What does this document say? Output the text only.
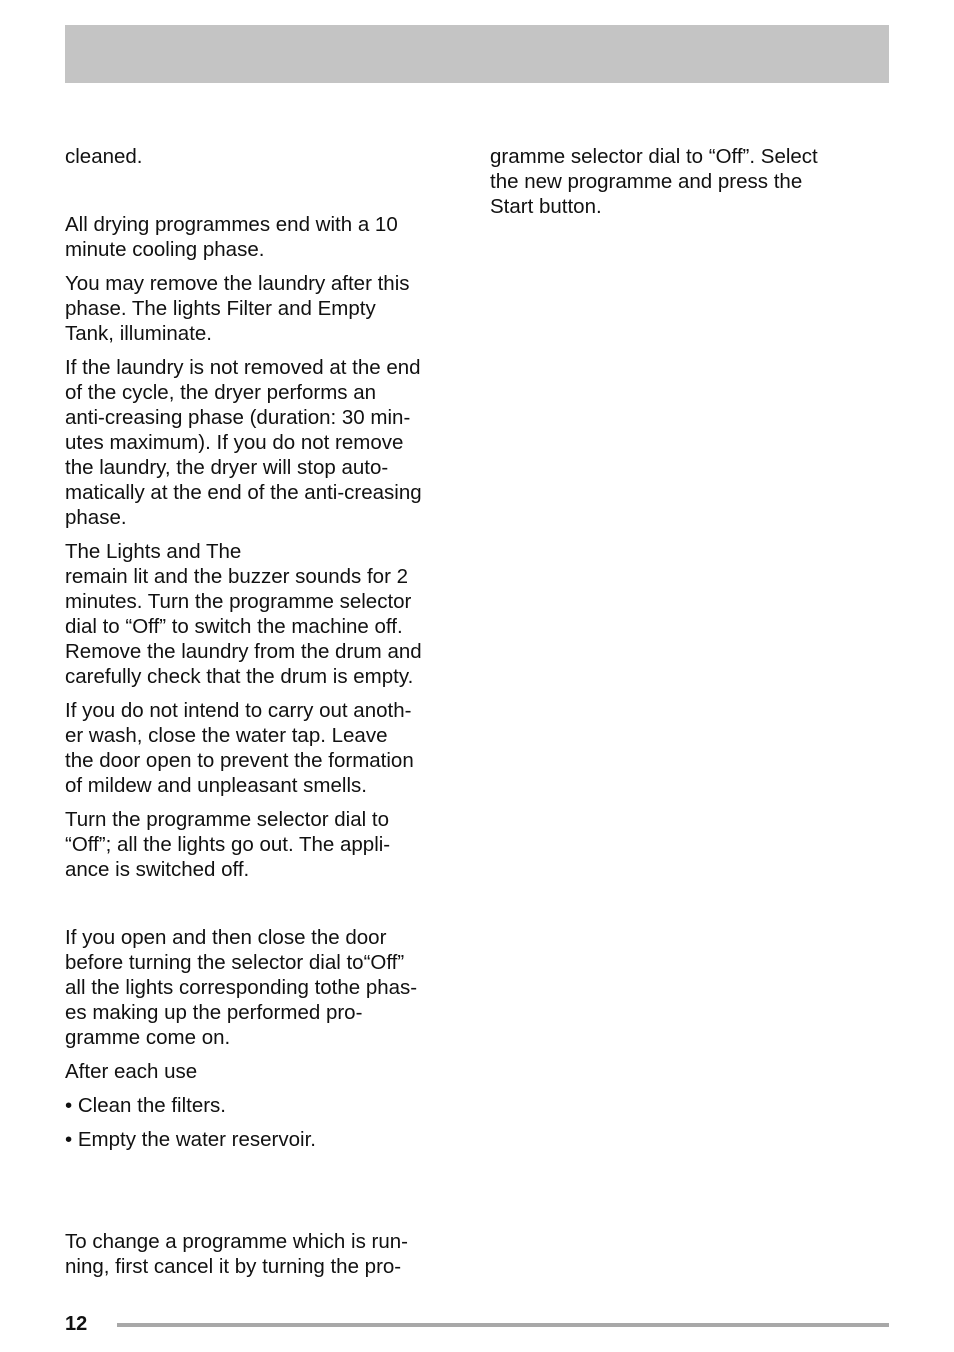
cleaned.

All drying programmes end with a 10
minute cooling phase.

You may remove the laundry after this
phase. The lights Filter and Empty
Tank, illuminate.

If the laundry is not removed at the end
of the cycle, the dryer performs an
anti-creasing phase (duration: 30 min-
utes maximum). If you do not remove
the laundry, the dryer will stop auto-
matically at the end of the anti-creasing
phase.

The Lights and The
remain lit and the buzzer sounds for 2
minutes. Turn the programme selector
dial to “Off” to switch the machine off.
Remove the laundry from the drum and
carefully check that the drum is empty.

If you do not intend to carry out anoth-
er wash, close the water tap. Leave
the door open to prevent the formation
of mildew and unpleasant smells.

Turn the programme selector dial to
“Off”; all the lights go out. The appli-
ance is switched off.

If you open and then close the door
before turning the selector dial to“Off”
all the lights corresponding tothe phas-
es making up the performed pro-
gramme come on.

After each use

• Clean the filters.

• Empty the water reservoir.

To change a programme which is run-
ning, first cancel it by turning the pro-

gramme selector dial to “Off”. Select
the new programme and press the
Start button.

12
